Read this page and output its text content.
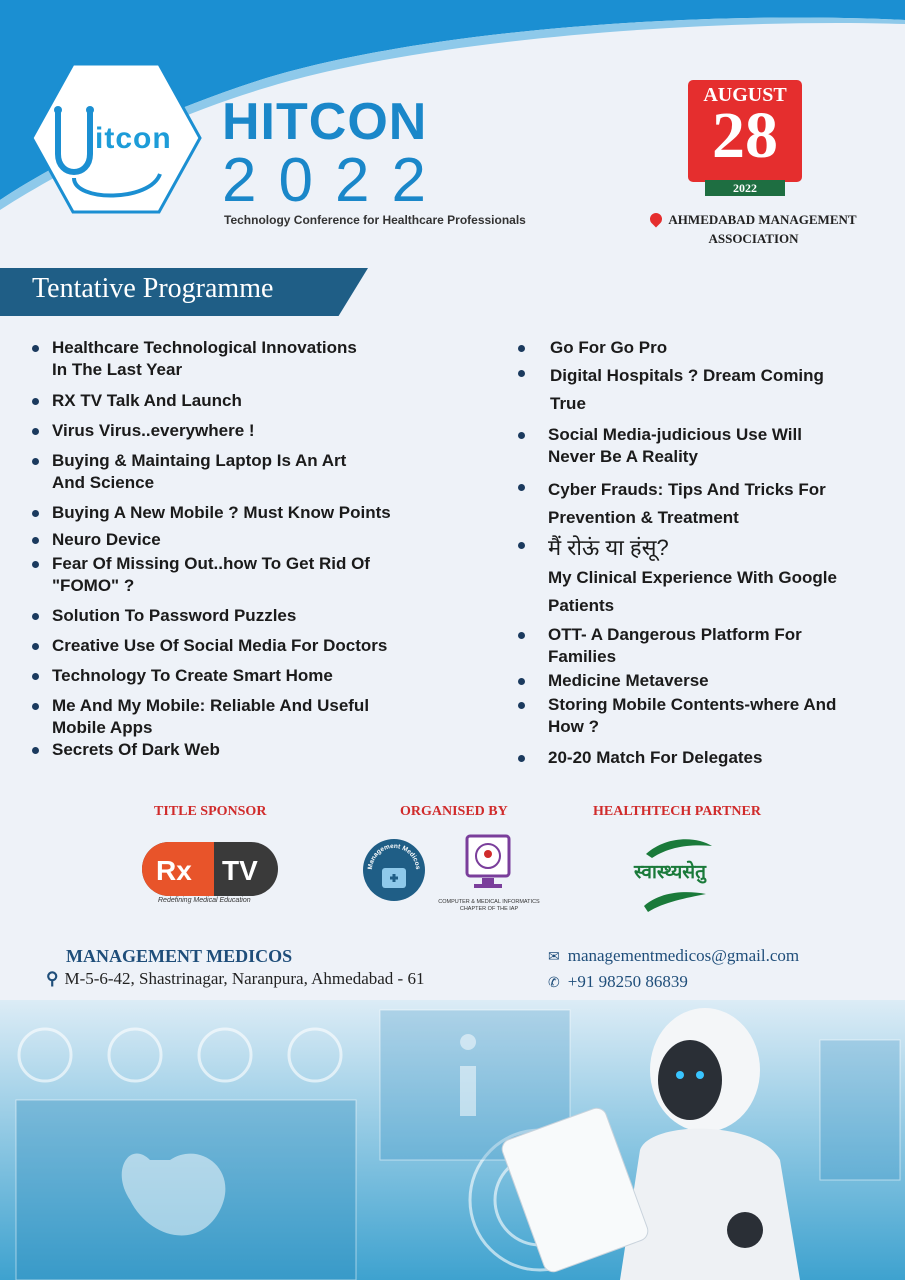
itcon HITCON
2022
Technology Conference for Healthcare Professionals
AUGUST
28
2022
AHMEDABAD MANAGEMENT
ASSOCIATION
Tentative Programme
Healthcare Technological Innovations
In The Last Year
RX TV Talk And Launch
Virus Virus..everywhere !
Buying & Maintaing Laptop Is An Art
And Science
Buying A New Mobile ? Must Know Points
Neuro Device
Fear Of Missing Out..how To Get Rid Of
"FOMO" ?
Solution To Password Puzzles
Creative Use Of Social Media For Doctors
Technology To Create Smart Home
Me And My Mobile: Reliable And Useful
Mobile Apps
Secrets Of Dark Web
Go For Go Pro
Digital Hospitals ? Dream Coming
True
Social Media-judicious Use Will
Never Be A Reality
Cyber Frauds: Tips And Tricks For
Prevention & Treatment
मैं रोऊं या हंसू?
My Clinical Experience With Google
Patients
OTT- A Dangerous Platform For
Families
Medicine Metaverse
Storing Mobile Contents-where And
How ?
20-20 Match For Delegates
TITLE SPONSOR	ORGANISED BY	HEALTHTECH PARTNER
Rx TV
Redefining Medical Education
Management Medicos
COMPUTER & MEDICAL INFORMATICS CHAPTER OF THE IAP
स्वास्थ्यसेतु
MANAGEMENT MEDICOS
⚲ M-5-6-42, Shastrinagar, Naranpura, Ahmedabad - 61
✉ managementmedicos@gmail.com
✆ +91 98250 86839
